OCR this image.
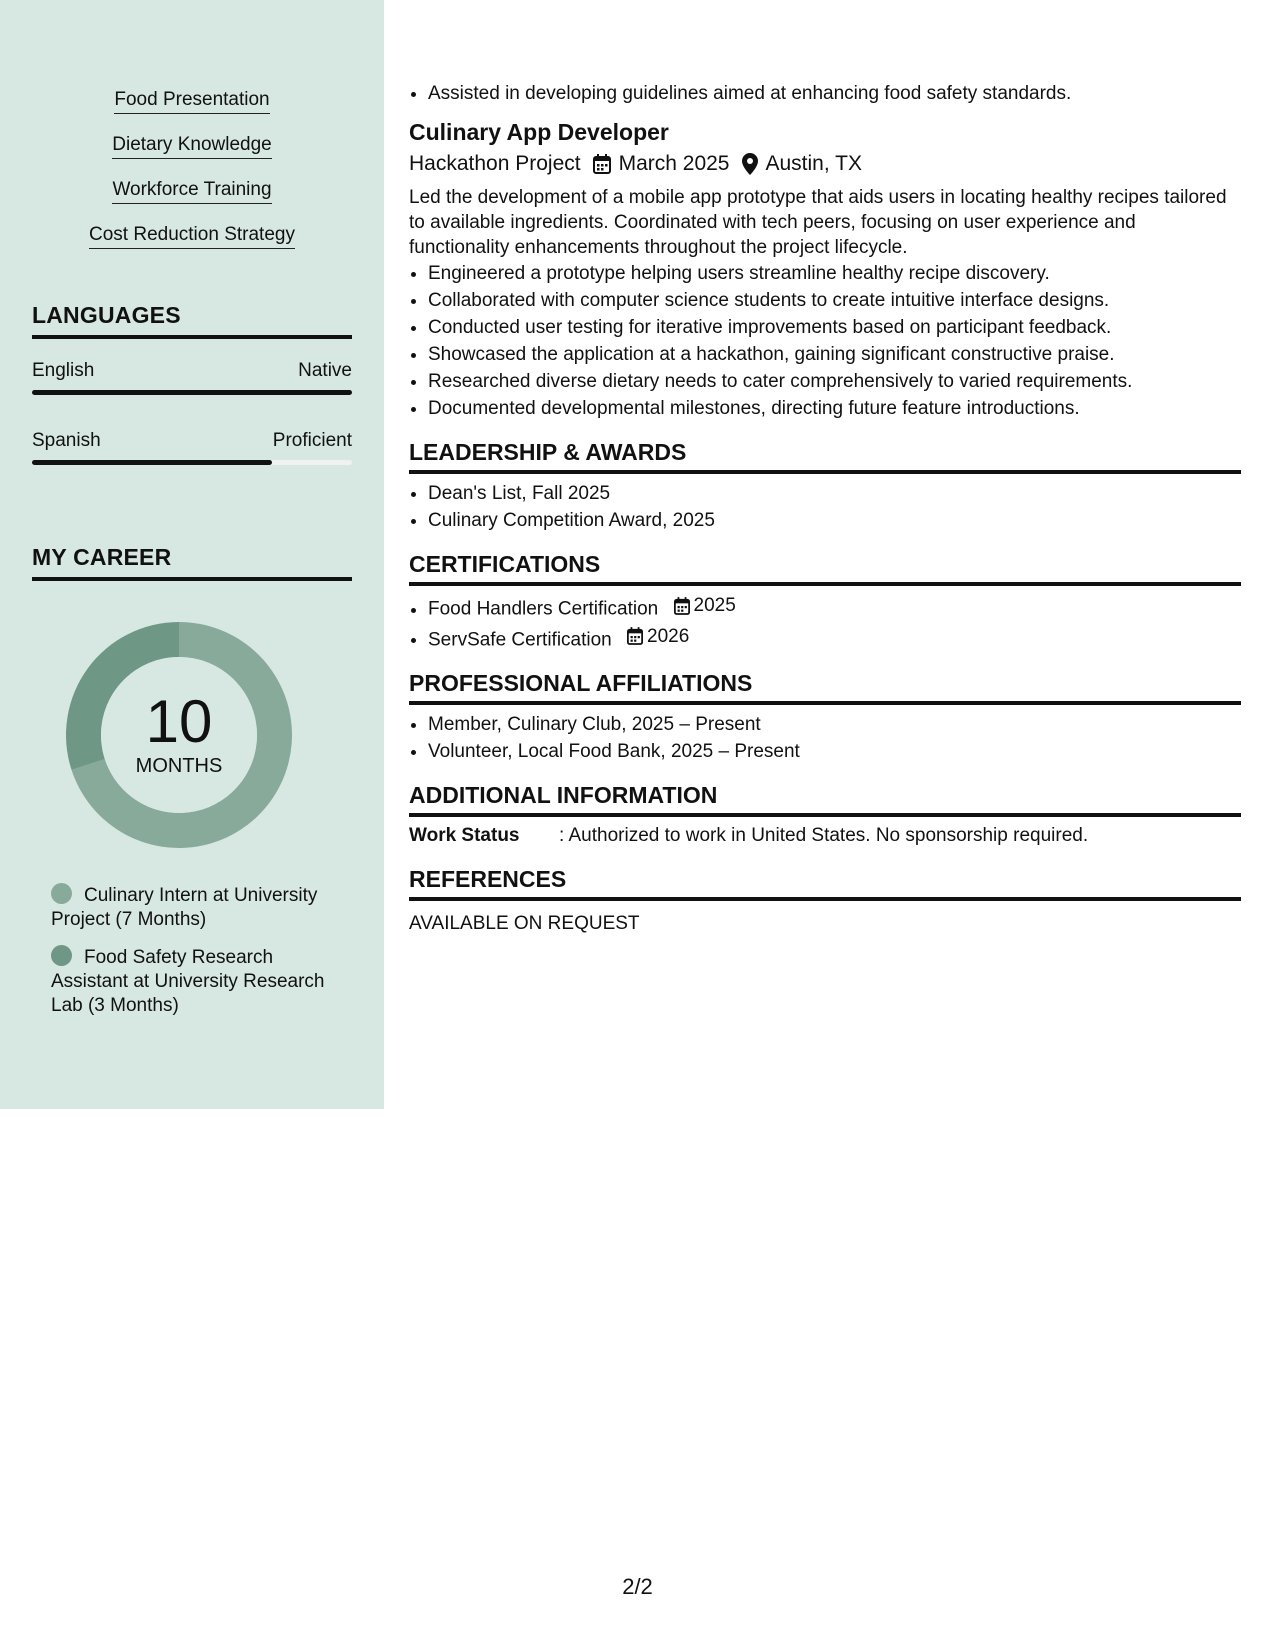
Food Presentation
Dietary Knowledge
Workforce Training
Cost Reduction Strategy
LANGUAGES
English	Native
Spanish	Proficient
MY CAREER
10
MONTHS
Culinary Intern at University Project (7 Months)
Food Safety Research Assistant at University Research Lab (3 Months)
• Assisted in developing guidelines aimed at enhancing food safety standards.
Culinary App Developer
Hackathon Project March 2025 Austin, TX
Led the development of a mobile app prototype that aids users in locating healthy recipes tailored to available ingredients. Coordinated with tech peers, focusing on user experience and functionality enhancements throughout the project lifecycle.
• Engineered a prototype helping users streamline healthy recipe discovery.
• Collaborated with computer science students to create intuitive interface designs.
• Conducted user testing for iterative improvements based on participant feedback.
• Showcased the application at a hackathon, gaining significant constructive praise.
• Researched diverse dietary needs to cater comprehensively to varied requirements.
• Documented developmental milestones, directing future feature introductions.
LEADERSHIP & AWARDS
• Dean's List, Fall 2025
• Culinary Competition Award, 2025
CERTIFICATIONS
• Food Handlers Certification 2025
• ServSafe Certification 2026
PROFESSIONAL AFFILIATIONS
• Member, Culinary Club, 2025 – Present
• Volunteer, Local Food Bank, 2025 – Present
ADDITIONAL INFORMATION
Work Status	: Authorized to work in United States. No sponsorship required.
REFERENCES
AVAILABLE ON REQUEST
2/2
